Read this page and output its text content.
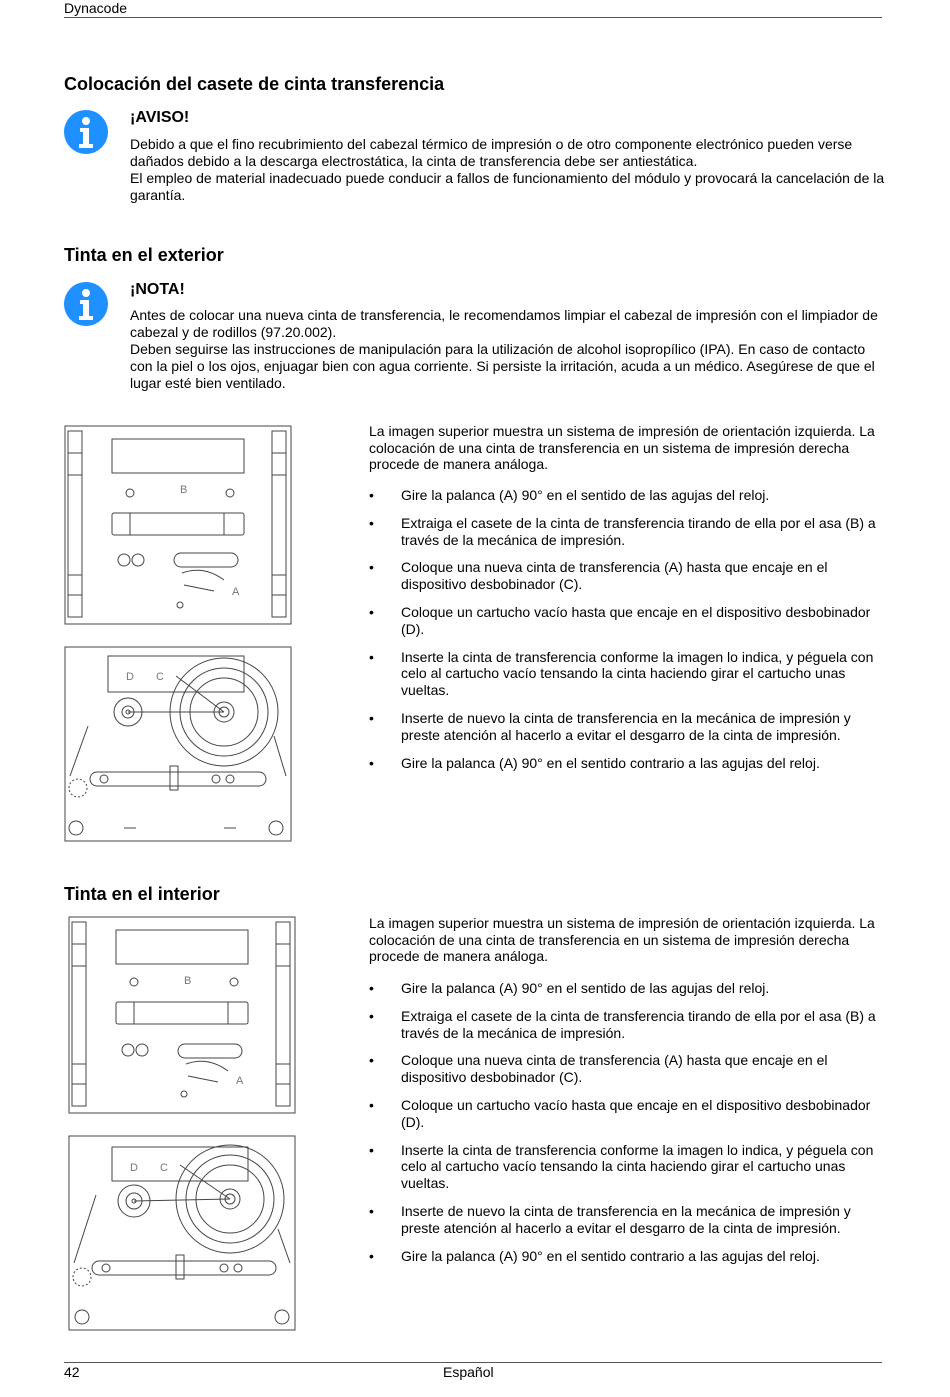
Dynacode
Colocación del casete de cinta transferencia
¡AVISO!

Debido a que el fino recubrimiento del cabezal térmico de impresión o de otro componente electrónico pueden verse dañados debido a la descarga electrostática, la cinta de transferencia debe ser antiestática.

El empleo de material inadecuado puede conducir a fallos de funcionamiento del módulo y provocará la cancelación de la garantía.

Tinta en el exterior
¡NOTA!

Antes de colocar una nueva cinta de transferencia, le recomendamos limpiar el cabezal de impresión con el limpiador de cabezal y de rodillos (97.20.002).

Deben seguirse las instrucciones de manipulación para la utilización de alcohol isopropílico (IPA). En caso de contacto con la piel o los ojos, enjuagar bien con agua corriente. Si persiste la irritación, acuda a un médico. Asegúrese de que el lugar esté bien ventilado.

B
A
D C
La imagen superior muestra un sistema de impresión de orientación izquierda. La colocación de una cinta de transferencia en un sistema de impresión derecha procede de manera análoga.
• Gire la palanca (A) 90° en el sentido de las agujas del reloj.
• Extraiga el casete de la cinta de transferencia tirando de ella por el asa (B) a través de la mecánica de impresión.
• Coloque una nueva cinta de transferencia (A) hasta que encaje en el dispositivo desbobinador (C).
• Coloque un cartucho vacío hasta que encaje en el dispositivo desbobinador (D).
• Inserte la cinta de transferencia conforme la imagen lo indica, y péguela con celo al cartucho vacío tensando la cinta haciendo girar el cartucho unas vueltas.
• Inserte de nuevo la cinta de transferencia en la mecánica de impresión y preste atención al hacerlo a evitar el desgarro de la cinta de impresión.
• Gire la palanca (A) 90° en el sentido contrario a las agujas del reloj.
Tinta en el interior
B
A
D C
La imagen superior muestra un sistema de impresión de orientación izquierda. La colocación de una cinta de transferencia en un sistema de impresión derecha procede de manera análoga.
• Gire la palanca (A) 90° en el sentido de las agujas del reloj.
• Extraiga el casete de la cinta de transferencia tirando de ella por el asa (B) a través de la mecánica de impresión.
• Coloque una nueva cinta de transferencia (A) hasta que encaje en el dispositivo desbobinador (C).
• Coloque un cartucho vacío hasta que encaje en el dispositivo desbobinador (D).
• Inserte la cinta de transferencia conforme la imagen lo indica, y péguela con celo al cartucho vacío tensando la cinta haciendo girar el cartucho unas vueltas.
• Inserte de nuevo la cinta de transferencia en la mecánica de impresión y preste atención al hacerlo a evitar el desgarro de la cinta de impresión.
• Gire la palanca (A) 90° en el sentido contrario a las agujas del reloj.
42	Español
